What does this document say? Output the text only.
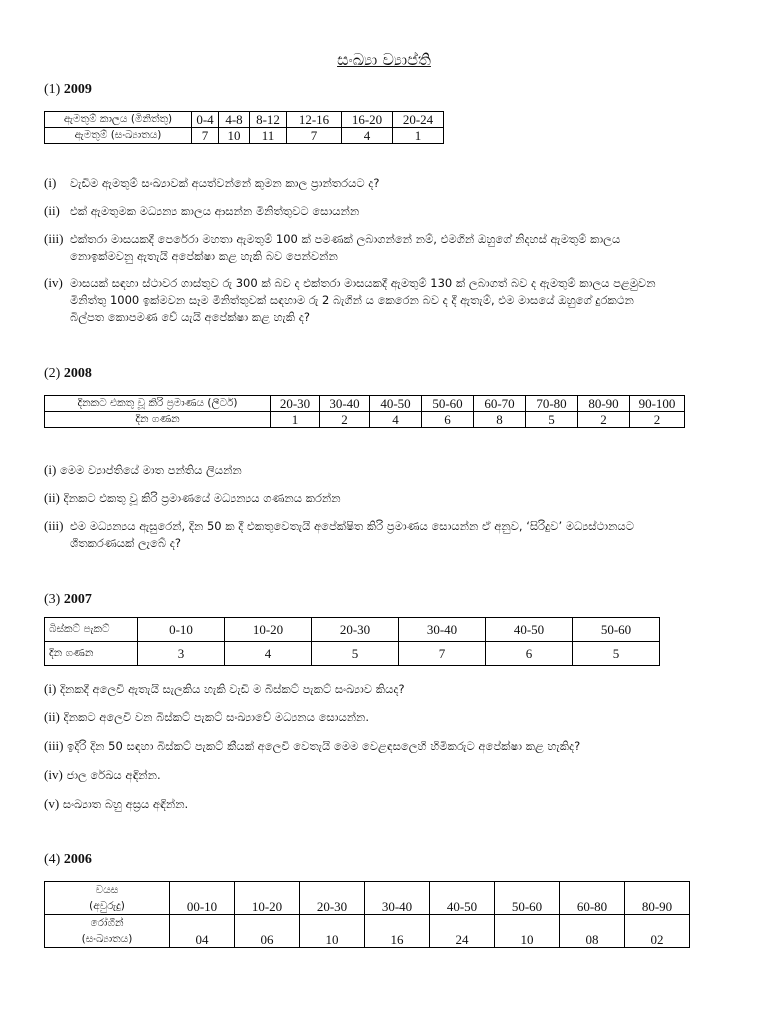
සංඛ්‍යා ව්‍යාප්ති
(1) 2009
ඇමතුම් කාලය (මිනිත්තු)	0-4	4-8	8-12	12-16	16-20	20-24
ඇමතුම් (සංඛ්‍යාතය)	7	10	11	7	4	1
(i) වැඩිම ඇමතුම් සංඛ්‍යාවක් අයත්වන්නේ කුමන කාල ප්‍රාන්තරයට ද?
(ii) එක් ඇමතුමක මධ්‍යන්‍ය කාලය ආසන්න මිනිත්තුවට සොයන්න
(iii) එක්තරා මාසයකදී පෙරේරා මහතා ඇමතුම් 100 ක් පමණක් ලබාගන්නේ නම්, එමගින් ඔහුගේ නිදහස් ඇමතුම් කාලය
නොඉක්මවනු ඇතැයි අපේක්ෂා කළ හැකි බව පෙන්වන්න
(iv) මාසයක් සඳහා ස්ථාවර ගාස්තුව රු 300 ක් බව ද එක්තරා මාසයකදී ඇමතුම් 130 ක් ලබාගත් බව ද ඇමතුම් කාලය පළමුවන
මිනිත්තු 1000 ඉක්මවන සෑම මිනිත්තුවක් සඳහාම රු 2 බැගින් ය කෙරෙන බව ද දී ඇතැම්, එම මාසයේ ඔහුගේ දුරකථන
බිල්පත කොපමණ වේ යැයි අපේක්ෂා කළ හැකි ද?
(2) 2008
දිනකට එකතු වූ කිරි ප්‍රමාණය (ලීටර්)	20-30	30-40	40-50	50-60	60-70	70-80	80-90	90-100
දින ගණන	1	2	4	6	8	5	2	2
(i) මෙම ව්‍යාප්තියේ මාත පන්තිය ලියන්න
(ii) දිනකට එකතු වූ කිරි ප්‍රමාණයේ මධ්‍යන්‍යය ගණනය කරන්න
(iii) එම මධ්‍යන්‍යය ඇසුරෙන්, දින 50 ක දී එකතුවෙතැයි අපේක්ෂිත කිරි ප්‍රමාණය සොයන්න ඒ අනුව, ‘සිරිදුව’ මධ්‍යස්ථානයට
ශීතකරණයක් ලැබේ ද?
(3) 2007
බිස්කට් පැකට්	0-10	10-20	20-30	30-40	40-50	50-60
දින ගණන	3	4	5	7	6	5
(i) දිනකදී අලෙවි ඇතැයි සැලකිය හැකි වැඩි ම බිස්කට් පැකට් සංඛ්‍යාව කියද?
(ii) දිනකට අලෙවි වන බිස්කට් පැකට් සංඛ්‍යාවේ මධ්‍යනය සොයන්න.
(iii) ඉදිරි දින 50 සඳහා බිස්කට් පැකට් කීයක් අලෙවි වෙතැයි මෙම වෙළඳසලෙහි හිමිකරුට අපේක්ෂා කළ හැකිද?
(iv) ජාල රේඛය අඳින්න.
(v) සංඛ්‍යාත බහු අස්‍රය අඳින්න.
(4) 2006
වයස
(අවුරුදු)	00-10	10-20	20-30	30-40	40-50	50-60	60-80	80-90
රෝගීන්
(සංඛ්‍යාතය)	04	06	10	16	24	10	08	02
